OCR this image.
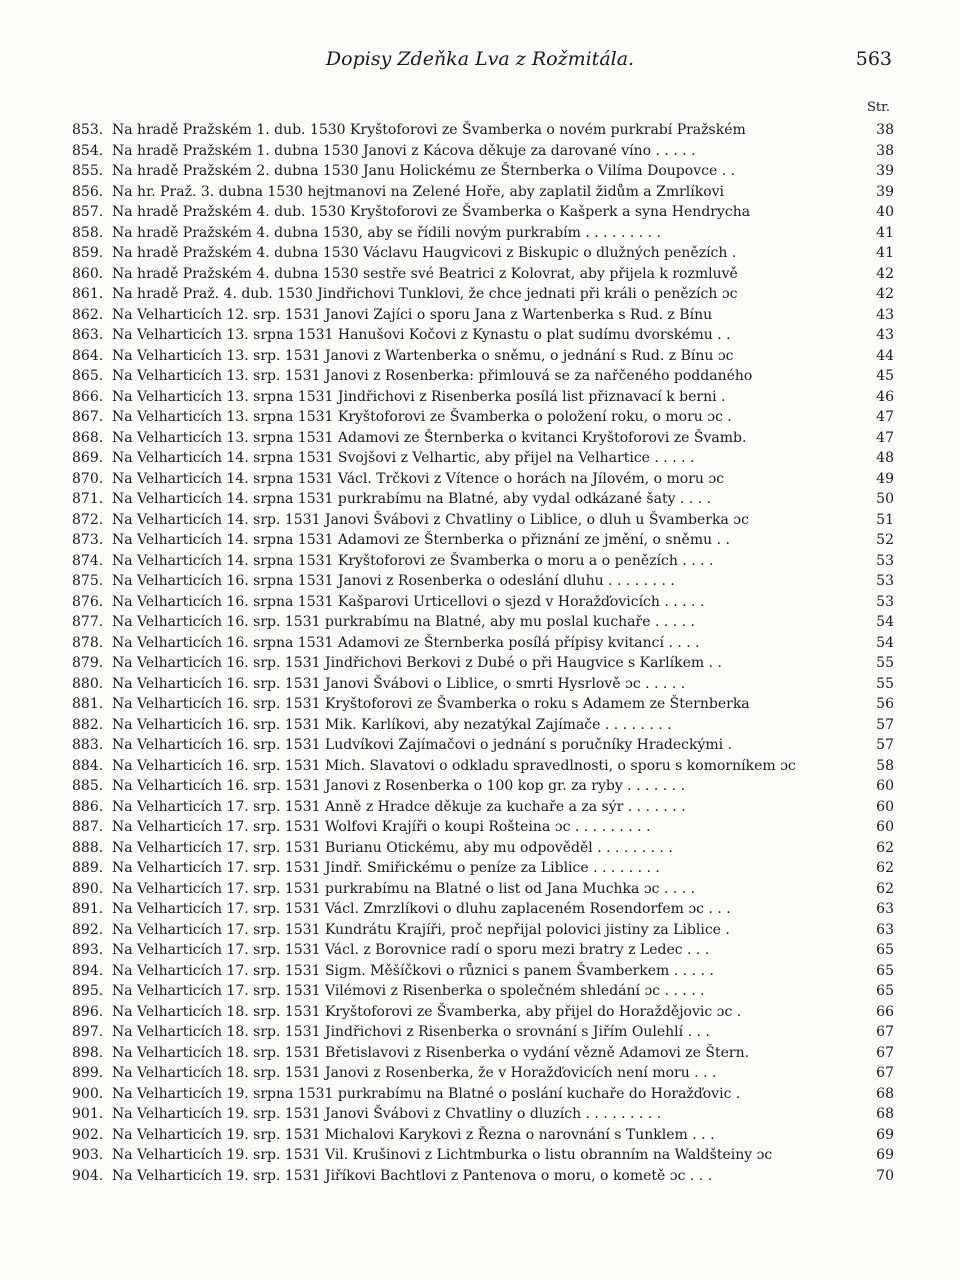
Dopisy Zdeňka Lva z Rožmitála.	563
Str.
853. Na hradě Pražském 1. dub. 1530 Kryštoforovi ze Švamberka o novém purkrabí Pražském	38
854. Na hradě Pražském 1. dubna 1530 Janovi z Kácova děkuje za darované víno . . . . .	38
855. Na hradě Pražském 2. dubna 1530 Janu Holickému ze Šternberka o Vilíma Doupovce . .	39
856. Na hr. Praž. 3. dubna 1530 hejtmanovi na Zelené Hoře, aby zaplatil židům a Zmrlíkovi	39
857. Na hradě Pražském 4. dub. 1530 Kryštoforovi ze Švamberka o Kašperk a syna Hendrycha	40
858. Na hradě Pražském 4. dubna 1530, aby se řídili novým purkrabím . . . . . . . . .	41
859. Na hradě Pražském 4. dubna 1530 Václavu Haugvicovi z Biskupic o dlužných penězích .	41
860. Na hradě Pražském 4. dubna 1530 sestře své Beatrici z Kolovrat, aby přijela k rozmluvě	42
861. Na hradě Praž. 4. dub. 1530 Jindřichovi Tunklovi, že chce jednati při králi o penězích ɔc	42
862. Na Velharticích 12. srp. 1531 Janovi Zajíci o sporu Jana z Wartenberka s Rud. z Bínu	43
863. Na Velharticích 13. srpna 1531 Hanušovi Kočovi z Kynastu o plat sudímu dvorskému . .	43
864. Na Velharticích 13. srp. 1531 Janovi z Wartenberka o sněmu, o jednání s Rud. z Bínu ɔc	44
865. Na Velharticích 13. srp. 1531 Janovi z Rosenberka: přimlouvá se za nařčeného poddaného	45
866. Na Velharticích 13. srpna 1531 Jindřichovi z Risenberka posílá list přiznavací k berni .	46
867. Na Velharticích 13. srpna 1531 Kryštoforovi ze Švamberka o položení roku, o moru ɔc .	47
868. Na Velharticích 13. srpna 1531 Adamovi ze Šternberka o kvitanci Kryštoforovi ze Švamb.	47
869. Na Velharticích 14. srpna 1531 Svojšovi z Velhartic, aby přijel na Velhartice . . . . .	48
870. Na Velharticích 14. srpna 1531 Václ. Trčkovi z Vítence o horách na Jílovém, o moru ɔc	49
871. Na Velharticích 14. srpna 1531 purkrabímu na Blatné, aby vydal odkázané šaty . . . .	50
872. Na Velharticích 14. srp. 1531 Janovi Švábovi z Chvatliny o Liblice, o dluh u Švamberka ɔc	51
873. Na Velharticích 14. srpna 1531 Adamovi ze Šternberka o přiznání ze jmění, o sněmu . .	52
874. Na Velharticích 14. srpna 1531 Kryštoforovi ze Švamberka o moru a o penězích . . . .	53
875. Na Velharticích 16. srpna 1531 Janovi z Rosenberka o odeslání dluhu . . . . . . . .	53
876. Na Velharticích 16. srpna 1531 Kašparovi Urticellovi o sjezd v Horažďovicích . . . . .	53
877. Na Velharticích 16. srp. 1531 purkrabímu na Blatné, aby mu poslal kuchaře . . . . .	54
878. Na Velharticích 16. srpna 1531 Adamovi ze Šternberka posílá přípisy kvitancí . . . .	54
879. Na Velharticích 16. srp. 1531 Jindřichovi Berkovi z Dubé o při Haugvice s Karlíkem . .	55
880. Na Velharticích 16. srp. 1531 Janovi Švábovi o Liblice, o smrti Hysrlově ɔc . . . . .	55
881. Na Velharticích 16. srp. 1531 Kryštoforovi ze Švamberka o roku s Adamem ze Šternberka	56
882. Na Velharticích 16. srp. 1531 Mik. Karlíkovi, aby nezatýkal Zajímače . . . . . . . .	57
883. Na Velharticích 16. srp. 1531 Ludvíkovi Zajímačovi o jednání s poručníky Hradeckými .	57
884. Na Velharticích 16. srp. 1531 Mich. Slavatovi o odkladu spravedlnosti, o sporu s komorníkem ɔc	58
885. Na Velharticích 16. srp. 1531 Janovi z Rosenberka o 100 kop gr. za ryby . . . . . . .	60
886. Na Velharticích 17. srp. 1531 Anně z Hradce děkuje za kuchaře a za sýr . . . . . . .	60
887. Na Velharticích 17. srp. 1531 Wolfovi Krajíři o koupi Rošteina ɔc . . . . . . . . .	60
888. Na Velharticích 17. srp. 1531 Burianu Otickému, aby mu odpověděl . . . . . . . . .	62
889. Na Velharticích 17. srp. 1531 Jindř. Smiřickému o peníze za Liblice . . . . . . . .	62
890. Na Velharticích 17. srp. 1531 purkrabímu na Blatné o list od Jana Muchka ɔc . . . .	62
891. Na Velharticích 17. srp. 1531 Václ. Zmrzlíkovi o dluhu zaplaceném Rosendorfem ɔc . . .	63
892. Na Velharticích 17. srp. 1531 Kundrátu Krajíři, proč nepřijal polovici jistiny za Liblice .	63
893. Na Velharticích 17. srp. 1531 Václ. z Borovnice radí o sporu mezi bratry z Ledec . . .	65
894. Na Velharticích 17. srp. 1531 Sigm. Měšíčkovi o různici s panem Švamberkem . . . . .	65
895. Na Velharticích 17. srp. 1531 Vilémovi z Risenberka o společném shledání ɔc . . . . .	65
896. Na Velharticích 18. srp. 1531 Kryštoforovi ze Švamberka, aby přijel do Horaždějovic ɔc .	66
897. Na Velharticích 18. srp. 1531 Jindřichovi z Risenberka o srovnání s Jiřím Oulehlí . . .	67
898. Na Velharticích 18. srp. 1531 Břetislavovi z Risenberka o vydání vězně Adamovi ze Štern.	67
899. Na Velharticích 18. srp. 1531 Janovi z Rosenberka, že v Horažďovicích není moru . . .	67
900. Na Velharticích 19. srpna 1531 purkrabímu na Blatné o poslání kuchaře do Horažďovic .	68
901. Na Velharticích 19. srp. 1531 Janovi Švábovi z Chvatliny o dluzích . . . . . . . . .	68
902. Na Velharticích 19. srp. 1531 Michalovi Karykovi z Řezna o narovnání s Tunklem . . .	69
903. Na Velharticích 19. srp. 1531 Vil. Krušinovi z Lichtmburka o listu obranním na Waldšteiny ɔc	69
904. Na Velharticích 19. srp. 1531 Jiříkovi Bachtlovi z Pantenova o moru, o kometě ɔc . . .	70
